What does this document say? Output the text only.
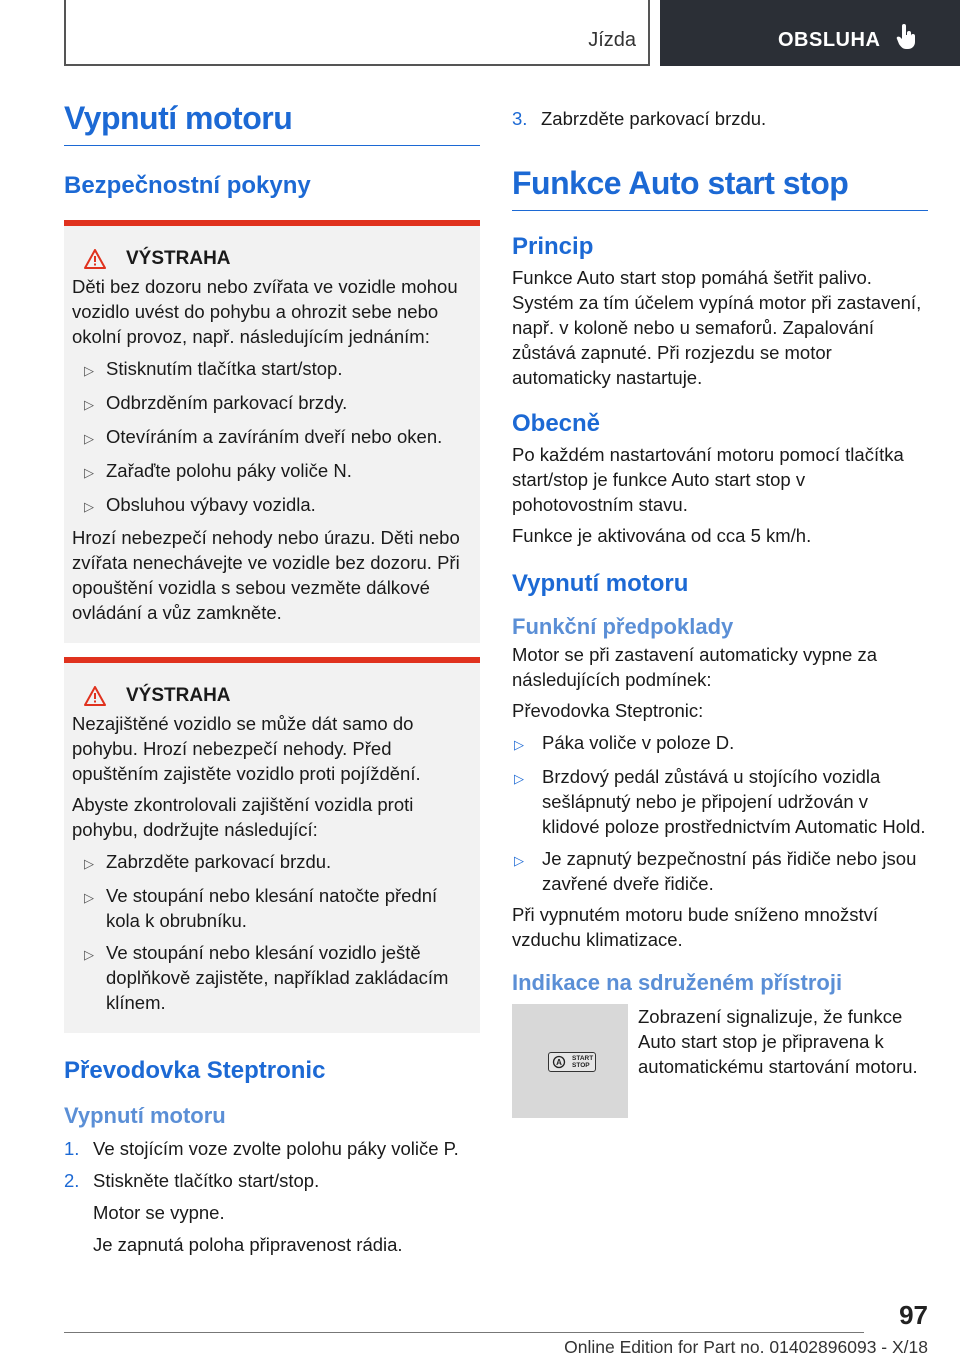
Jízda	OBSLUHA
Vypnutí motoru
Bezpečnostní pokyny
VÝSTRAHA
Děti bez dozoru nebo zvířata ve vozidle mohou vozidlo uvést do pohybu a ohrozit sebe nebo okolní provoz, např. následujícím jednáním:
▷ Stisknutím tlačítka start/stop.
▷ Odbrzděním parkovací brzdy.
▷ Otevíráním a zavíráním dveří nebo oken.
▷ Zařaďte polohu páky voliče N.
▷ Obsluhou výbavy vozidla.
Hrozí nebezpečí nehody nebo úrazu. Děti nebo zvířata nenechávejte ve vozidle bez dozoru. Při opouštění vozidla s sebou vezměte dálkové ovládání a vůz zamkněte.
VÝSTRAHA
Nezajištěné vozidlo se může dát samo do pohybu. Hrozí nebezpečí nehody. Před opuštěním zajistěte vozidlo proti pojíždění.
Abyste zkontrolovali zajištění vozidla proti pohybu, dodržujte následující:
▷ Zabrzděte parkovací brzdu.
▷ Ve stoupání nebo klesání natočte přední kola k obrubníku.
▷ Ve stoupání nebo klesání vozidlo ještě doplňkově zajistěte, například zakládacím klínem.
Převodovka Steptronic
Vypnutí motoru
1. Ve stojícím voze zvolte polohu páky voliče P.
2. Stiskněte tlačítko start/stop.
Motor se vypne.
Je zapnutá poloha připravenost rádia.
3. Zabrzděte parkovací brzdu.
Funkce Auto start stop
Princip
Funkce Auto start stop pomáhá šetřit palivo. Systém za tím účelem vypíná motor při zastavení, např. v koloně nebo u semaforů. Zapalování zůstává zapnuté. Při rozjezdu se motor automaticky nastartuje.
Obecně
Po každém nastartování motoru pomocí tlačítka start/stop je funkce Auto start stop v pohotovostním stavu.
Funkce je aktivována od cca 5 km/h.
Vypnutí motoru
Funkční předpoklady
Motor se při zastavení automaticky vypne za následujících podmínek:
Převodovka Steptronic:
▷ Páka voliče v poloze D.
▷ Brzdový pedál zůstává u stojícího vozidla sešlápnutý nebo je připojení udržován v klidové poloze prostřednictvím Automatic Hold.
▷ Je zapnutý bezpečnostní pás řidiče nebo jsou zavřené dveře řidiče.
Při vypnutém motoru bude sníženo množství vzduchu klimatizace.
Indikace na sdruženém přístroji
A	START
STOP
Zobrazení signalizuje, že funkce Auto start stop je připravena k automatickému startování motoru.
97
Online Edition for Part no. 01402896093 - X/18
